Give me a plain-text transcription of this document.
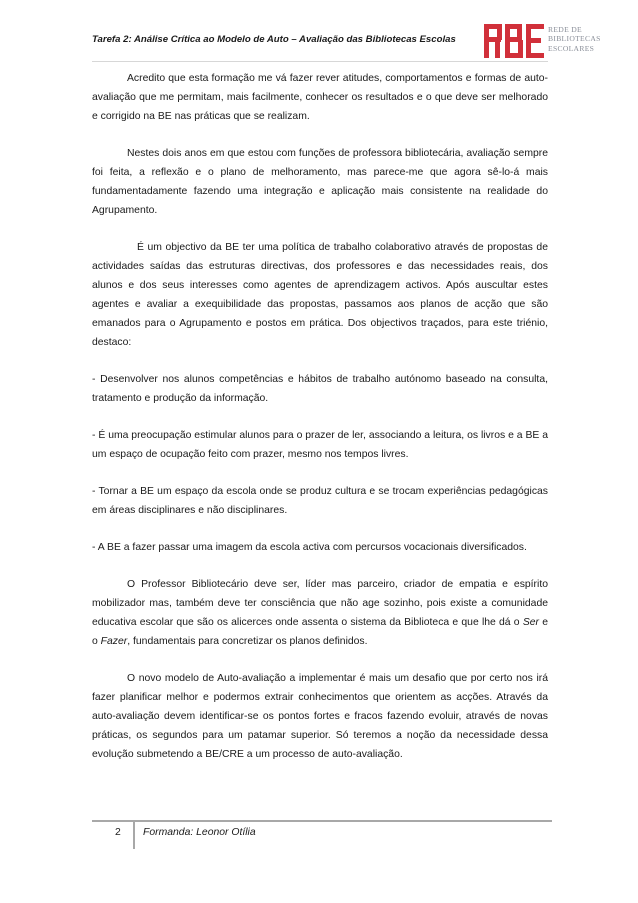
Tarefa 2: Análise Crítica ao Modelo de Auto – Avaliação das Bibliotecas Escolas
REDE DE
BIBLIOTECAS
ESCOLARES

Acredito que esta formação me vá fazer rever atitudes, comportamentos e formas de auto-avaliação que me permitam, mais facilmente, conhecer os resultados e o que deve ser melhorado e corrigido na BE nas práticas que se realizam.

Nestes dois anos em que estou com funções de professora bibliotecária, avaliação sempre foi feita, a reflexão e o plano de melhoramento, mas parece-me que agora sê-lo-á mais fundamentadamente fazendo uma integração e aplicação mais consistente na realidade do Agrupamento.

É um objectivo da BE ter uma política de trabalho colaborativo através de propostas de actividades saídas das estruturas directivas, dos professores e das necessidades reais, dos alunos e dos seus interesses como agentes de aprendizagem activos. Após auscultar estes agentes e avaliar a exequibilidade das propostas, passamos aos planos de acção que são emanados para o Agrupamento e postos em prática. Dos objectivos traçados, para este triénio, destaco:

- Desenvolver nos alunos competências e hábitos de trabalho autónomo baseado na consulta, tratamento e produção da informação.

- É uma preocupação estimular alunos para o prazer de ler, associando a leitura, os livros e a BE a um espaço de ocupação feito com prazer, mesmo nos tempos livres.

- Tornar a BE um espaço da escola onde se produz cultura e se trocam experiências pedagógicas em áreas disciplinares e não disciplinares.

- A BE a fazer passar uma imagem da escola activa com percursos vocacionais diversificados.

O Professor Bibliotecário deve ser, líder mas parceiro, criador de empatia e espírito mobilizador mas, também deve ter consciência que não age sozinho, pois existe a comunidade educativa escolar que são os alicerces onde assenta o sistema da Biblioteca e que lhe dá o Ser e o Fazer, fundamentais para concretizar os planos definidos.

O novo modelo de Auto-avaliação a implementar é mais um desafio que por certo nos irá fazer planificar melhor e podermos extrair conhecimentos que orientem as acções. Através da auto-avaliação devem identificar-se os pontos fortes e fracos fazendo evoluir, através de novas práticas, os segundos para um patamar superior. Só teremos a noção da necessidade dessa evolução submetendo a BE/CRE a um processo de auto-avaliação.

2 Formanda: Leonor Otília
